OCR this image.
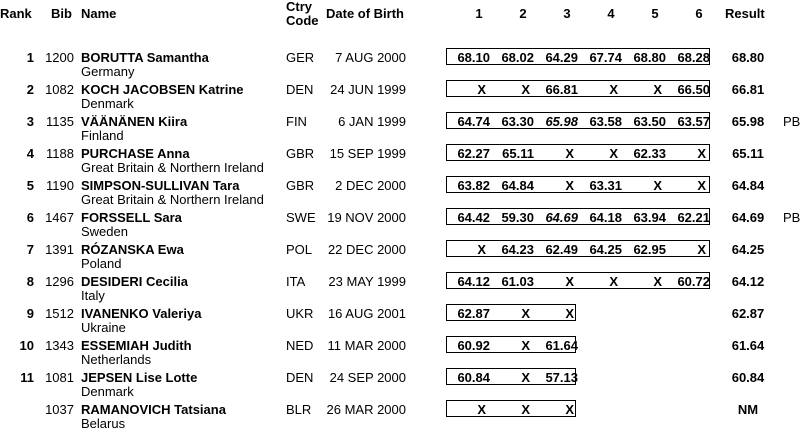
Rank Bib Name	Ctry
Code Date of Birth	1	2	3	4	5	6	Result
1 1200 BORUTTA Samantha
Germany
GER	7 AUG 2000	68.10 68.02 64.29 67.74 68.80 68.28	68.80
2 1082 KOCH JACOBSEN Katrine
Denmark
DEN	24 JUN 1999	X	X	66.81	X	X	66.50	66.81
3 1135 VÄÄNÄNEN Kiira
Finland
FIN	6 JAN 1999	64.74 63.30 65.98 63.58 63.50 63.57	65.98	PB
4 1188 PURCHASE Anna
Great Britain & Northern Ireland
GBR 15 SEP 1999	62.27 65.11	X	X	62.33	X	65.11
5 1190 SIMPSON-SULLIVAN Tara
Great Britain & Northern Ireland
GBR	2 DEC 2000	63.82 64.84	X	63.31	X	X	64.84
6 1467 FORSSELL Sara
Sweden
SWE 19 NOV 2000	64.42 59.30 64.69 64.18 63.94 62.21	64.69	PB
7 1391 RÓZANSKA Ewa
Poland
POL 22 DEC 2000	X	64.23 62.49 64.25 62.95	X	64.25
8 1296 DESIDERI Cecilia
Italy
ITA 23 MAY 1999	64.12 61.03	X	X	X	60.72	64.12
9 1512 IVANENKO Valeriya
Ukraine
UKR 16 AUG 2001	62.87	X	X	62.87
10 1343 ESSEMIAH Judith
Netherlands
NED 11 MAR 2000	60.92	X	61.64	61.64
11 1081 JEPSEN Lise Lotte
Denmark
DEN 24 SEP 2000	60.84	X	57.13	60.84
1037 RAMANOVICH Tatsiana
Belarus
BLR 26 MAR 2000	X	X	X	NM
